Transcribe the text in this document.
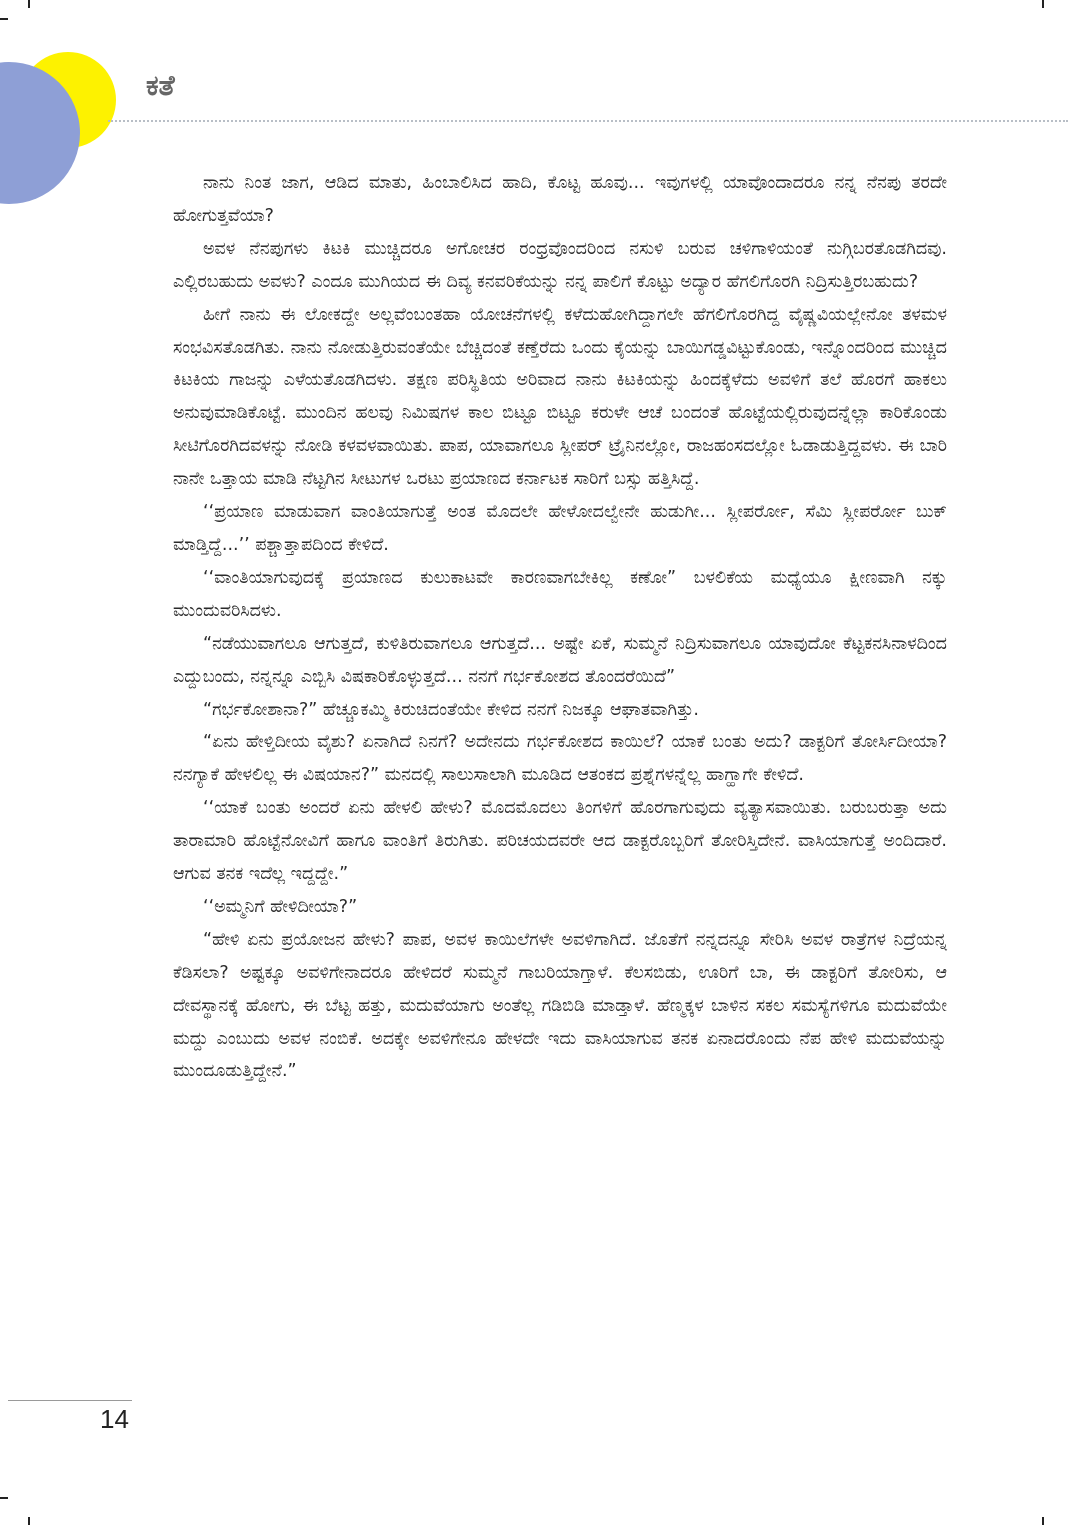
ಕತೆ

ನಾನು ನಿಂತ ಜಾಗ, ಆಡಿದ ಮಾತು, ಹಿಂಬಾಲಿಸಿದ ಹಾದಿ, ಕೊಟ್ಟ ಹೂವು... ಇವುಗಳಲ್ಲಿ ಯಾವೊಂದಾದರೂ ನನ್ನ ನೆನಪು ತರದೇ ಹೋಗುತ್ತವೆಯಾ?

ಅವಳ ನೆನಪುಗಳು ಕಿಟಕಿ ಮುಚ್ಚಿದರೂ ಅಗೋಚರ ರಂಧ್ರವೊಂದರಿಂದ ನಸುಳಿ ಬರುವ ಚಳಿಗಾಳಿಯಂತೆ ನುಗ್ಗಿಬರತೊಡಗಿದವು. ಎಲ್ಲಿರಬಹುದು ಅವಳು? ಎಂದೂ ಮುಗಿಯದ ಈ ದಿವ್ಯ ಕನವರಿಕೆಯನ್ನು ನನ್ನ ಪಾಲಿಗೆ ಕೊಟ್ಟು ಅದ್ಯಾರ ಹೆಗಲಿಗೊರಗಿ ನಿದ್ರಿಸುತ್ತಿರಬಹುದು?

ಹೀಗೆ ನಾನು ಈ ಲೋಕದ್ದೇ ಅಲ್ಲವೆಂಬಂತಹಾ ಯೋಚನೆಗಳಲ್ಲಿ ಕಳೆದುಹೋಗಿದ್ದಾಗಲೇ ಹೆಗಲಿಗೊರಗಿದ್ದ ವೈಷ್ಣವಿಯಲ್ಲೇನೋ ತಳಮಳ ಸಂಭವಿಸತೊಡಗಿತು. ನಾನು ನೋಡುತ್ತಿರುವಂತೆಯೇ ಬೆಚ್ಚಿದಂತೆ ಕಣ್ತೆರೆದು ಒಂದು ಕೈಯನ್ನು ಬಾಯಿಗಡ್ಡವಿಟ್ಟುಕೊಂಡು, ಇನ್ನೊಂದರಿಂದ ಮುಚ್ಚಿದ ಕಿಟಕಿಯ ಗಾಜನ್ನು ಎಳೆಯತೊಡಗಿದಳು. ತಕ್ಷಣ ಪರಿಸ್ಥಿತಿಯ ಅರಿವಾದ ನಾನು ಕಿಟಕಿಯನ್ನು ಹಿಂದಕ್ಕೆಳೆದು ಅವಳಿಗೆ ತಲೆ ಹೊರಗೆ ಹಾಕಲು ಅನುವುಮಾಡಿಕೊಟ್ಟೆ. ಮುಂದಿನ ಹಲವು ನಿಮಿಷಗಳ ಕಾಲ ಬಿಟ್ಟೂ ಬಿಟ್ಟೂ ಕರುಳೇ ಆಚೆ ಬಂದಂತೆ ಹೊಟ್ಟೆಯಲ್ಲಿರುವುದನ್ನೆಲ್ಲಾ ಕಾರಿಕೊಂಡು ಸೀಟಿಗೊರಗಿದವಳನ್ನು ನೋಡಿ ಕಳವಳವಾಯಿತು. ಪಾಪ, ಯಾವಾಗಲೂ ಸ್ಲೀಪರ್ ಟ್ರೈನಿನಲ್ಲೋ, ರಾಜಹಂಸದಲ್ಲೋ ಓಡಾಡುತ್ತಿದ್ದವಳು. ಈ ಬಾರಿ ನಾನೇ ಒತ್ತಾಯ ಮಾಡಿ ನೆಟ್ಟಗಿನ ಸೀಟುಗಳ ಒರಟು ಪ್ರಯಾಣದ ಕರ್ನಾಟಕ ಸಾರಿಗೆ ಬಸ್ಸು ಹತ್ತಿಸಿದ್ದೆ.

‘‘ಪ್ರಯಾಣ ಮಾಡುವಾಗ ವಾಂತಿಯಾಗುತ್ತೆ ಅಂತ ಮೊದಲೇ ಹೇಳೋದಲ್ವೇನೇ ಹುಡುಗೀ... ಸ್ಲೀಪರ್ರೋ, ಸೆಮಿ ಸ್ಲೀಪರ್ರೋ ಬುಕ್ ಮಾಡ್ತಿದ್ದೆ...’’ ಪಶ್ಚಾತ್ತಾಪದಿಂದ ಕೇಳಿದೆ.

‘‘ವಾಂತಿಯಾಗುವುದಕ್ಕೆ ಪ್ರಯಾಣದ ಕುಲುಕಾಟವೇ ಕಾರಣವಾಗಬೇಕಿಲ್ಲ ಕಣೋ” ಬಳಲಿಕೆಯ ಮಧ್ಯೆಯೂ ಕ್ಷೀಣವಾಗಿ ನಕ್ಕು ಮುಂದುವರಿಸಿದಳು.

“ನಡೆಯುವಾಗಲೂ ಆಗುತ್ತದೆ, ಕುಳಿತಿರುವಾಗಲೂ ಆಗುತ್ತದೆ... ಅಷ್ಟೇ ಏಕೆ, ಸುಮ್ಮನೆ ನಿದ್ರಿಸುವಾಗಲೂ ಯಾವುದೋ ಕೆಟ್ಟಕನಸಿನಾಳದಿಂದ ಎದ್ದುಬಂದು, ನನ್ನನ್ನೂ ಎಬ್ಬಿಸಿ ವಿಷಕಾರಿಕೊಳ್ಳುತ್ತದೆ... ನನಗೆ ಗರ್ಭಕೋಶದ ತೊಂದರೆಯಿದೆ”

“ಗರ್ಭಕೋಶಾನಾ?” ಹೆಚ್ಚೂಕಮ್ಮಿ ಕಿರುಚಿದಂತೆಯೇ ಕೇಳಿದ ನನಗೆ ನಿಜಕ್ಕೂ ಆಘಾತವಾಗಿತ್ತು.

“ಏನು ಹೇಳ್ತಿದೀಯ ವೈಶು? ಏನಾಗಿದೆ ನಿನಗೆ? ಅದೇನದು ಗರ್ಭಕೋಶದ ಕಾಯಿಲೆ? ಯಾಕೆ ಬಂತು ಅದು? ಡಾಕ್ಟರಿಗೆ ತೋರ್ಸಿದೀಯಾ? ನನಗ್ಯಾಕೆ ಹೇಳಲಿಲ್ಲ ಈ ವಿಷಯಾನ?” ಮನದಲ್ಲಿ ಸಾಲುಸಾಲಾಗಿ ಮೂಡಿದ ಆತಂಕದ ಪ್ರಶ್ನೆಗಳನ್ನೆಲ್ಲ ಹಾಗ್ಹಾಗೇ ಕೇಳಿದೆ.

‘‘ಯಾಕೆ ಬಂತು ಅಂದರೆ ಏನು ಹೇಳಲಿ ಹೇಳು? ಮೊದಮೊದಲು ತಿಂಗಳಿಗೆ ಹೊರಗಾಗುವುದು ವ್ಯತ್ಯಾಸವಾಯಿತು. ಬರುಬರುತ್ತಾ ಅದು ತಾರಾಮಾರಿ ಹೊಟ್ಟೆನೋವಿಗೆ ಹಾಗೂ ವಾಂತಿಗೆ ತಿರುಗಿತು. ಪರಿಚಯದವರೇ ಆದ ಡಾಕ್ಟರೊಬ್ಬರಿಗೆ ತೋರಿಸ್ತಿದೇನೆ. ವಾಸಿಯಾಗುತ್ತೆ ಅಂದಿದಾರೆ. ಆಗುವ ತನಕ ಇದೆಲ್ಲ ಇದ್ದದ್ದೇ.”

‘‘ಅಮ್ಮನಿಗೆ ಹೇಳಿದೀಯಾ?”

“ಹೇಳಿ ಏನು ಪ್ರಯೋಜನ ಹೇಳು? ಪಾಪ, ಅವಳ ಕಾಯಿಲೆಗಳೇ ಅವಳಿಗಾಗಿದೆ. ಜೊತೆಗೆ ನನ್ನದನ್ನೂ ಸೇರಿಸಿ ಅವಳ ರಾತ್ರೆಗಳ ನಿದ್ರೆಯನ್ನ ಕೆಡಿಸಲಾ? ಅಷ್ಟಕ್ಕೂ ಅವಳಿಗೇನಾದರೂ ಹೇಳಿದರೆ ಸುಮ್ಮನೆ ಗಾಬರಿಯಾಗ್ತಾಳೆ. ಕೆಲಸಬಿಡು, ಊರಿಗೆ ಬಾ, ಈ ಡಾಕ್ಟರಿಗೆ ತೋರಿಸು, ಆ ದೇವಸ್ಥಾನಕ್ಕೆ ಹೋಗು, ಈ ಬೆಟ್ಟ ಹತ್ತು, ಮದುವೆಯಾಗು ಅಂತೆಲ್ಲ ಗಡಿಬಿಡಿ ಮಾಡ್ತಾಳೆ. ಹೆಣ್ಮಕ್ಕಳ ಬಾಳಿನ ಸಕಲ ಸಮಸ್ಯೆಗಳಿಗೂ ಮದುವೆಯೇ ಮದ್ದು ಎಂಬುದು ಅವಳ ನಂಬಿಕೆ. ಅದಕ್ಕೇ ಅವಳಿಗೇನೂ ಹೇಳದೇ ಇದು ವಾಸಿಯಾಗುವ ತನಕ ಏನಾದರೊಂದು ನೆಪ ಹೇಳಿ ಮದುವೆಯನ್ನು ಮುಂದೂಡುತ್ತಿದ್ದೇನೆ.”

14
